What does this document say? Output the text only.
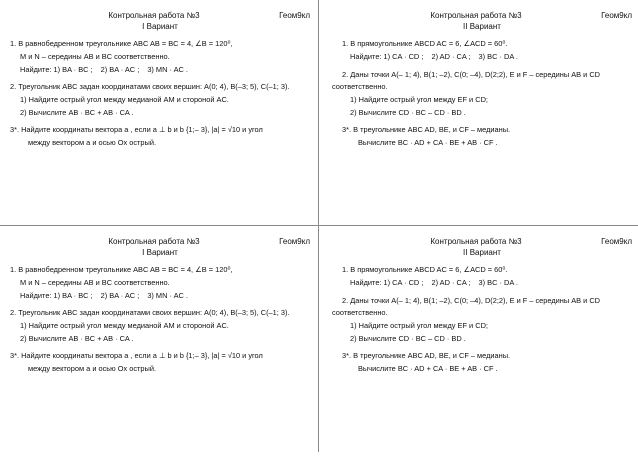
Контрольная работа №3	Геом9кл
I Вариант
1. В равнобедренном треугольнике ABC AB = BC = 4, ∠B = 120⁰,
M и N – середины AB и BC соответственно.
Найдите: 1) BA · BC ; 2) BA · AC ; 3) MN · AC .
2. Треугольник ABC задан координатами своих вершин: A(0; 4), B(–3; 5), C(–1; 3).
1) Найдите острый угол между медианой AM и стороной AC.
2) Вычислите AB · BC + AB · CA .
3*. Найдите координаты вектора a , если a ⊥ b и b {1;– 3}, |a| = √10 и угол
между вектором a и осью Ox острый.
Контрольная работа №3	Геом9кл
II Вариант
1. В прямоугольнике ABCD AC = 6, ∠ACD = 60⁰.
Найдите: 1) CA · CD ; 2) AD · CA ; 3) BC · DA .
2. Даны точки A(– 1; 4), B(1; –2), C(0; –4), D(2;2), E и F – середины AB и CD
соответственно.
1) Найдите острый угол между EF и CD;
2) Вычислите CD · BC – CD · BD .
3*. В треугольнике ABC AD, BE, и CF – медианы.
Вычислите BC · AD + CA · BE + AB · CF .
Контрольная работа №3	Геом9кл
I Вариант
1. В равнобедренном треугольнике ABC AB = BC = 4, ∠B = 120⁰,
M и N – середины AB и BC соответственно.
Найдите: 1) BA · BC ; 2) BA · AC ; 3) MN · AC .
2. Треугольник ABC задан координатами своих вершин: A(0; 4), B(–3; 5), C(–1; 3).
1) Найдите острый угол между медианой AM и стороной AC.
2) Вычислите AB · BC + AB · CA .
3*. Найдите координаты вектора a , если a ⊥ b и b {1;– 3}, |a| = √10 и угол
между вектором a и осью Ox острый.
Контрольная работа №3	Геом9кл
II Вариант
1. В прямоугольнике ABCD AC = 6, ∠ACD = 60⁰.
Найдите: 1) CA · CD ; 2) AD · CA ; 3) BC · DA .
2. Даны точки A(– 1; 4), B(1; –2), C(0; –4), D(2;2), E и F – середины AB и CD
соответственно.
1) Найдите острый угол между EF и CD;
2) Вычислите CD · BC – CD · BD .
3*. В треугольнике ABC AD, BE, и CF – медианы.
Вычислите BC · AD + CA · BE + AB · CF .
